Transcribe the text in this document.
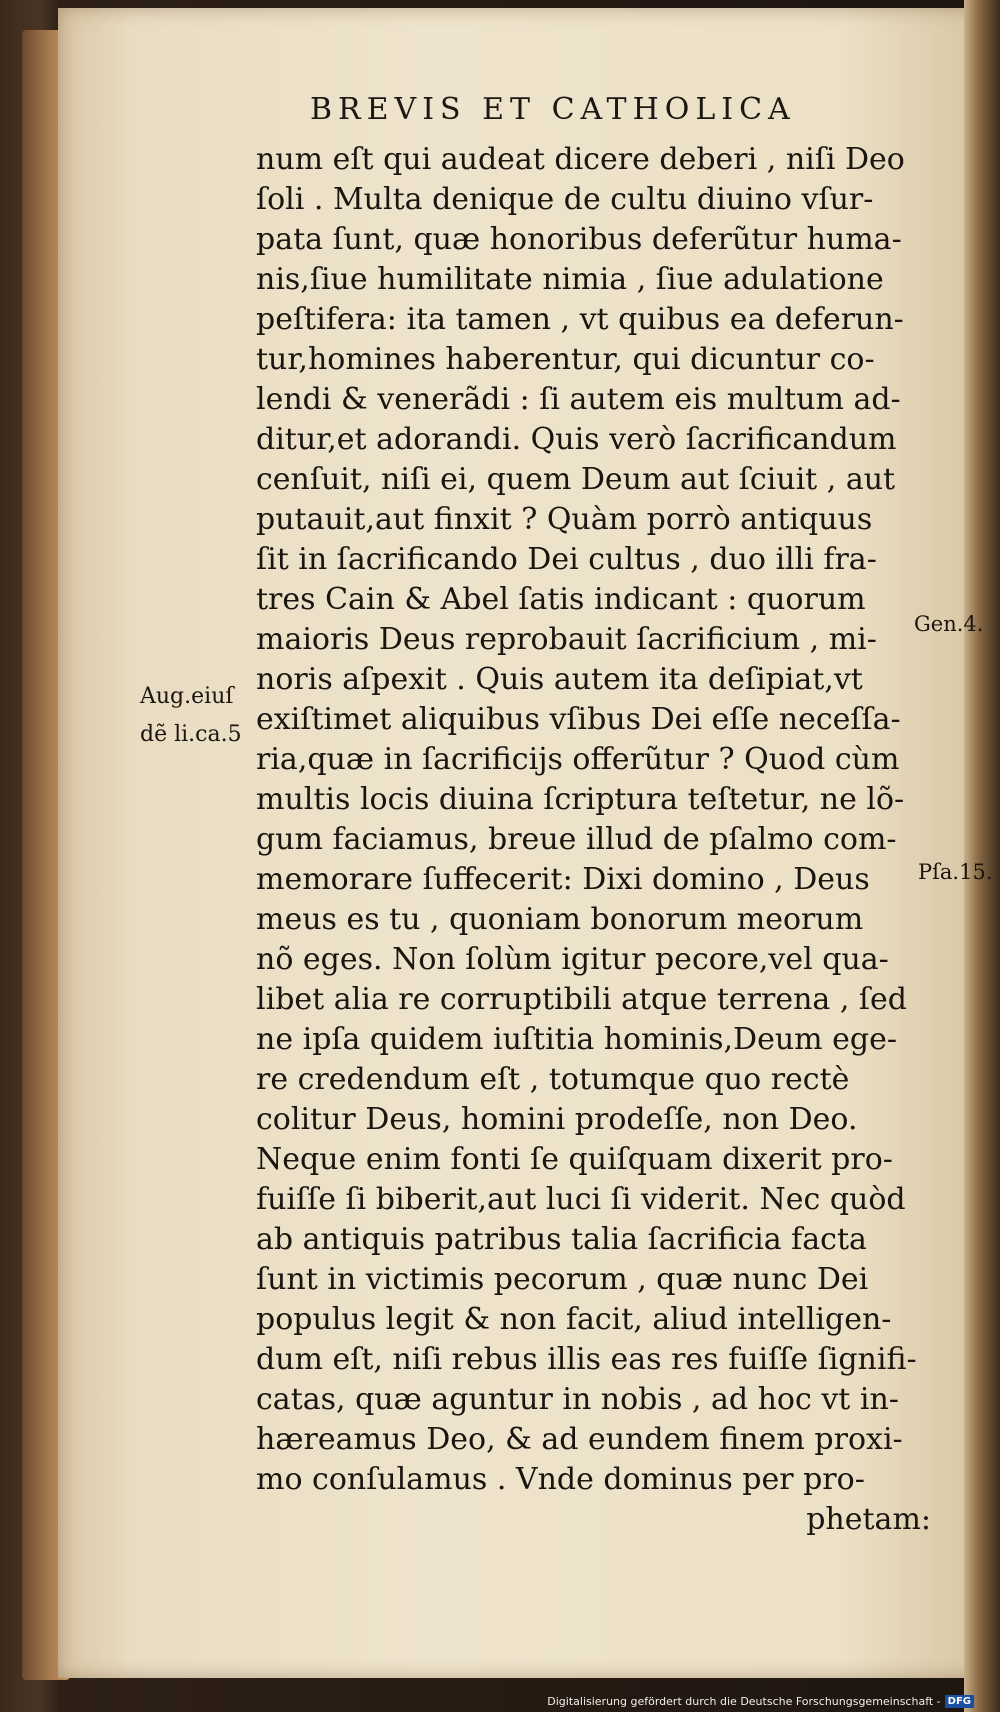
BREVIS ET CATHOLICA
num eſt qui audeat dicere deberi , niſi Deo
ſoli . Multa denique de cultu diuino vſur-
pata ſunt, quæ honoribus deferũtur huma-
nis,ſiue humilitate nimia , ſiue adulatione
peſtifera: ita tamen , vt quibus ea deferun-
tur,homines haberentur, qui dicuntur co-
lendi & venerãdi : ſi autem eis multum ad-
ditur,et adorandi. Quis verò ſacrificandum
cenſuit, niſi ei, quem Deum aut ſciuit , aut
putauit,aut finxit ? Quàm porrò antiquus
ſit in ſacrificando Dei cultus , duo illi fra-
tres Cain & Abel ſatis indicant : quorum
maioris Deus reprobauit ſacrificium , mi-
noris aſpexit . Quis autem ita deſipiat,vt
exiſtimet aliquibus vſibus Dei eſſe neceſſa-
ria,quæ in ſacrificijs offerũtur ? Quod cùm
multis locis diuina ſcriptura teſtetur, ne lõ-
gum faciamus, breue illud de pſalmo com-
memorare ſuffecerit: Dixi domino , Deus
meus es tu , quoniam bonorum meorum
nõ eges. Non ſolùm igitur pecore,vel qua-
libet alia re corruptibili atque terrena , ſed
ne ipſa quidem iuſtitia hominis,Deum ege-
re credendum eſt , totumque quo rectè
colitur Deus, homini prodeſſe, non Deo.
Neque enim fonti ſe quiſquam dixerit pro-
fuiſſe ſi biberit,aut luci ſi viderit. Nec quòd
ab antiquis patribus talia ſacrificia facta
ſunt in victimis pecorum , quæ nunc Dei
populus legit & non facit, aliud intelligen-
dum eſt, niſi rebus illis eas res fuiſſe ſignifi-
catas, quæ aguntur in nobis , ad hoc vt in-
hæreamus Deo, & ad eundem finem proxi-
mo conſulamus . Vnde dominus per pro-
phetam:
Gen.4.
Aug.eiuſ
dẽ li.ca.5
Pſa.15.
Digitalisierung gefördert durch die Deutsche Forschungsgemeinschaft - DFG
